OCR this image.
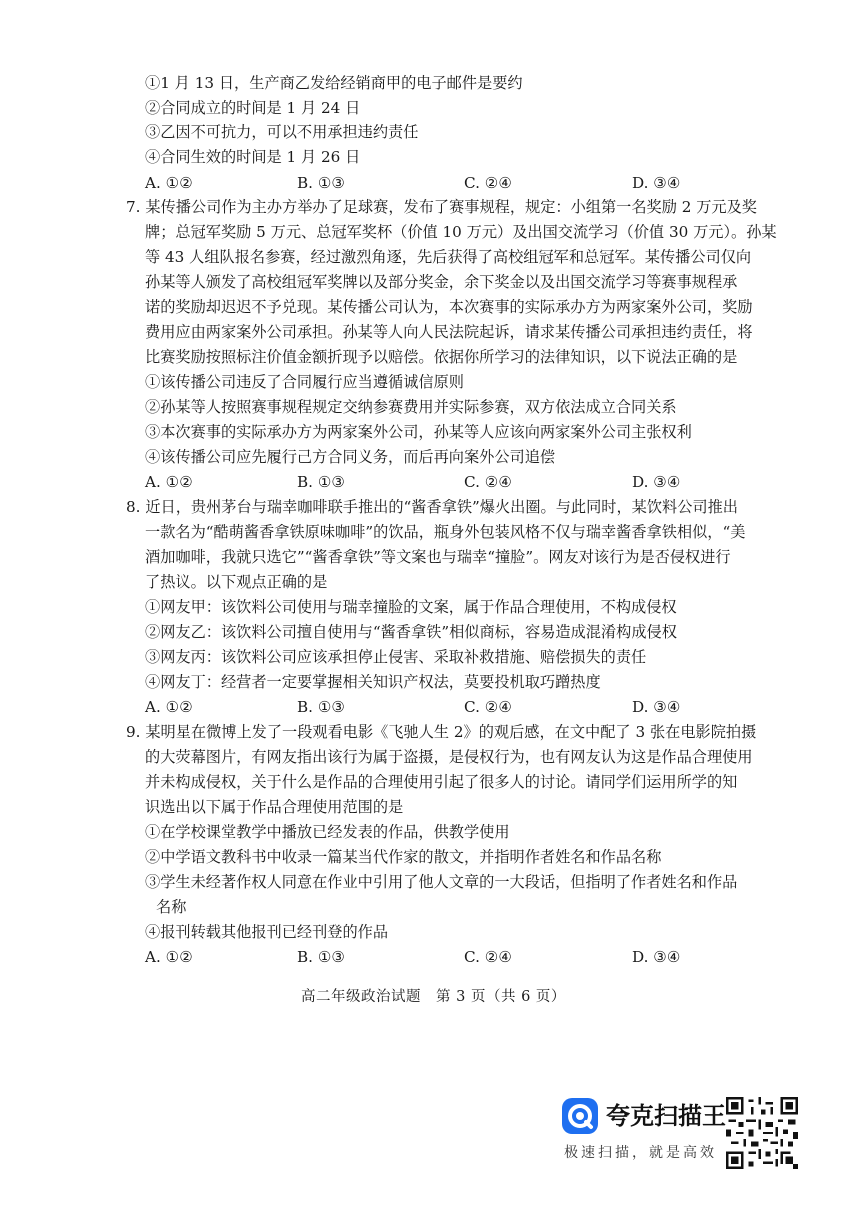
①1 月 13 日，生产商乙发给经销商甲的电子邮件是要约
②合同成立的时间是 1 月 24 日
③乙因不可抗力，可以不用承担违约责任
④合同生效的时间是 1 月 26 日
A. ①②	B. ①③	C. ②④	D. ③④
7. 某传播公司作为主办方举办了足球赛，发布了赛事规程，规定：小组第一名奖励 2 万元及奖
牌；总冠军奖励 5 万元、总冠军奖杯（价值 10 万元）及出国交流学习（价值 30 万元）。孙某
等 43 人组队报名参赛，经过激烈角逐，先后获得了高校组冠军和总冠军。某传播公司仅向
孙某等人颁发了高校组冠军奖牌以及部分奖金，余下奖金以及出国交流学习等赛事规程承
诺的奖励却迟迟不予兑现。某传播公司认为，本次赛事的实际承办方为两家案外公司，奖励
费用应由两家案外公司承担。孙某等人向人民法院起诉，请求某传播公司承担违约责任，将
比赛奖励按照标注价值金额折现予以赔偿。依据你所学习的法律知识，以下说法正确的是
①该传播公司违反了合同履行应当遵循诚信原则
②孙某等人按照赛事规程规定交纳参赛费用并实际参赛，双方依法成立合同关系
③本次赛事的实际承办方为两家案外公司，孙某等人应该向两家案外公司主张权利
④该传播公司应先履行己方合同义务，而后再向案外公司追偿
A. ①②	B. ①③	C. ②④	D. ③④
8. 近日，贵州茅台与瑞幸咖啡联手推出的“酱香拿铁”爆火出圈。与此同时，某饮料公司推出
一款名为“酷萌酱香拿铁原味咖啡”的饮品，瓶身外包装风格不仅与瑞幸酱香拿铁相似，“美
酒加咖啡，我就只选它”“酱香拿铁”等文案也与瑞幸“撞脸”。网友对该行为是否侵权进行
了热议。以下观点正确的是
①网友甲：该饮料公司使用与瑞幸撞脸的文案，属于作品合理使用，不构成侵权
②网友乙：该饮料公司擅自使用与“酱香拿铁”相似商标，容易造成混淆构成侵权
③网友丙：该饮料公司应该承担停止侵害、采取补救措施、赔偿损失的责任
④网友丁：经营者一定要掌握相关知识产权法，莫要投机取巧蹭热度
A. ①②	B. ①③	C. ②④	D. ③④
9. 某明星在微博上发了一段观看电影《飞驰人生 2》的观后感，在文中配了 3 张在电影院拍摄
的大荧幕图片，有网友指出该行为属于盗摄，是侵权行为，也有网友认为这是作品合理使用
并未构成侵权，关于什么是作品的合理使用引起了很多人的讨论。请同学们运用所学的知
识选出以下属于作品合理使用范围的是
①在学校课堂教学中播放已经发表的作品，供教学使用
②中学语文教科书中收录一篇某当代作家的散文，并指明作者姓名和作品名称
③学生未经著作权人同意在作业中引用了他人文章的一大段话，但指明了作者姓名和作品
名称
④报刊转载其他报刊已经刊登的作品
A. ①②	B. ①③	C. ②④	D. ③④
高二年级政治试题　第 3 页（共 6 页）
夸克扫描王
极速扫描，就是高效
